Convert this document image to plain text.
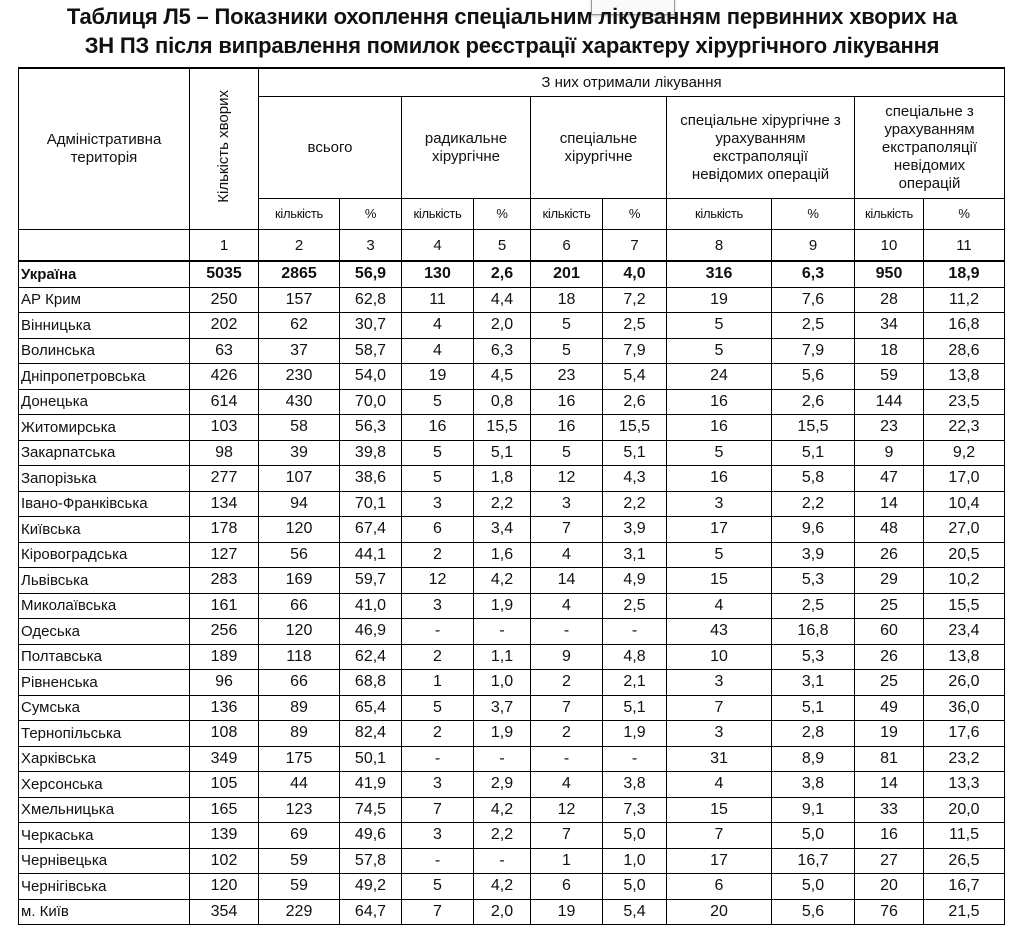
Таблиця Л5 – Показники охоплення спеціальним лікуванням первинних хворих на
ЗН ПЗ після виправлення помилок реєстрації характеру хірургічного лікування
Адміністративна територія	Кількість хворих	З них отримали лікування									
		всього		радикальне хірургічне		спеціальне хірургічне		спеціальне хірургічне з урахуванням екстраполяції невідомих операцій		спеціальне з урахуванням екстраполяції невідомих операцій	
		кількість	%	кількість	%	кількість	%	кількість	%	кількість	%
	1	2	3	4	5	6	7	8	9	10	11
Україна	5035	2865	56,9	130	2,6	201	4,0	316	6,3	950	18,9
АР Крим	250	157	62,8	11	4,4	18	7,2	19	7,6	28	11,2
Вінницька	202	62	30,7	4	2,0	5	2,5	5	2,5	34	16,8
Волинська	63	37	58,7	4	6,3	5	7,9	5	7,9	18	28,6
Дніпропетровська	426	230	54,0	19	4,5	23	5,4	24	5,6	59	13,8
Донецька	614	430	70,0	5	0,8	16	2,6	16	2,6	144	23,5
Житомирська	103	58	56,3	16	15,5	16	15,5	16	15,5	23	22,3
Закарпатська	98	39	39,8	5	5,1	5	5,1	5	5,1	9	9,2
Запорізька	277	107	38,6	5	1,8	12	4,3	16	5,8	47	17,0
Івано-Франківська	134	94	70,1	3	2,2	3	2,2	3	2,2	14	10,4
Київська	178	120	67,4	6	3,4	7	3,9	17	9,6	48	27,0
Кіровоградська	127	56	44,1	2	1,6	4	3,1	5	3,9	26	20,5
Львівська	283	169	59,7	12	4,2	14	4,9	15	5,3	29	10,2
Миколаївська	161	66	41,0	3	1,9	4	2,5	4	2,5	25	15,5
Одеська	256	120	46,9	-	-	-	-	43	16,8	60	23,4
Полтавська	189	118	62,4	2	1,1	9	4,8	10	5,3	26	13,8
Рівненська	96	66	68,8	1	1,0	2	2,1	3	3,1	25	26,0
Сумська	136	89	65,4	5	3,7	7	5,1	7	5,1	49	36,0
Тернопільська	108	89	82,4	2	1,9	2	1,9	3	2,8	19	17,6
Харківська	349	175	50,1	-	-	-	-	31	8,9	81	23,2
Херсонська	105	44	41,9	3	2,9	4	3,8	4	3,8	14	13,3
Хмельницька	165	123	74,5	7	4,2	12	7,3	15	9,1	33	20,0
Черкаська	139	69	49,6	3	2,2	7	5,0	7	5,0	16	11,5
Чернівецька	102	59	57,8	-	-	1	1,0	17	16,7	27	26,5
Чернігівська	120	59	49,2	5	4,2	6	5,0	6	5,0	20	16,7
м. Київ	354	229	64,7	7	2,0	19	5,4	20	5,6	76	21,5
